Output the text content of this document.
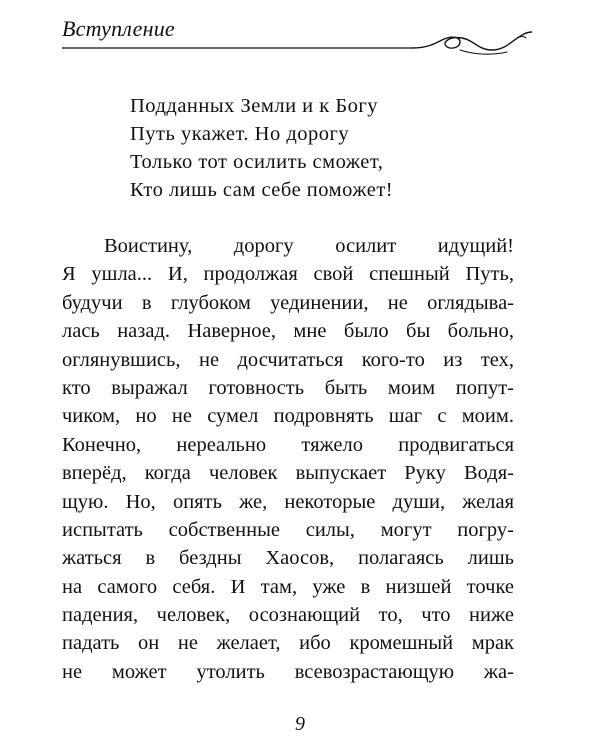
Вступление
Подданных Земли и к Богу
Путь укажет. Но дорогу
Только тот осилить сможет,
Кто лишь сам себе поможет!
Воистину, дорогу осилит идущий!
Я ушла... И, продолжая свой спешный Путь,
будучи в глубоком уединении, не оглядыва-
лась назад. Наверное, мне было бы больно,
оглянувшись, не досчитаться кого-то из тех,
кто выражал готовность быть моим попут-
чиком, но не сумел подровнять шаг с моим.
Конечно, нереально тяжело продвигаться
вперёд, когда человек выпускает Руку Водя-
щую. Но, опять же, некоторые души, желая
испытать собственные силы, могут погру-
жаться в бездны Хаосов, полагаясь лишь
на самого себя. И там, уже в низшей точке
падения, человек, осознающий то, что ниже
падать он не желает, ибо кромешный мрак
не может утолить всевозрастающую жа-
9
